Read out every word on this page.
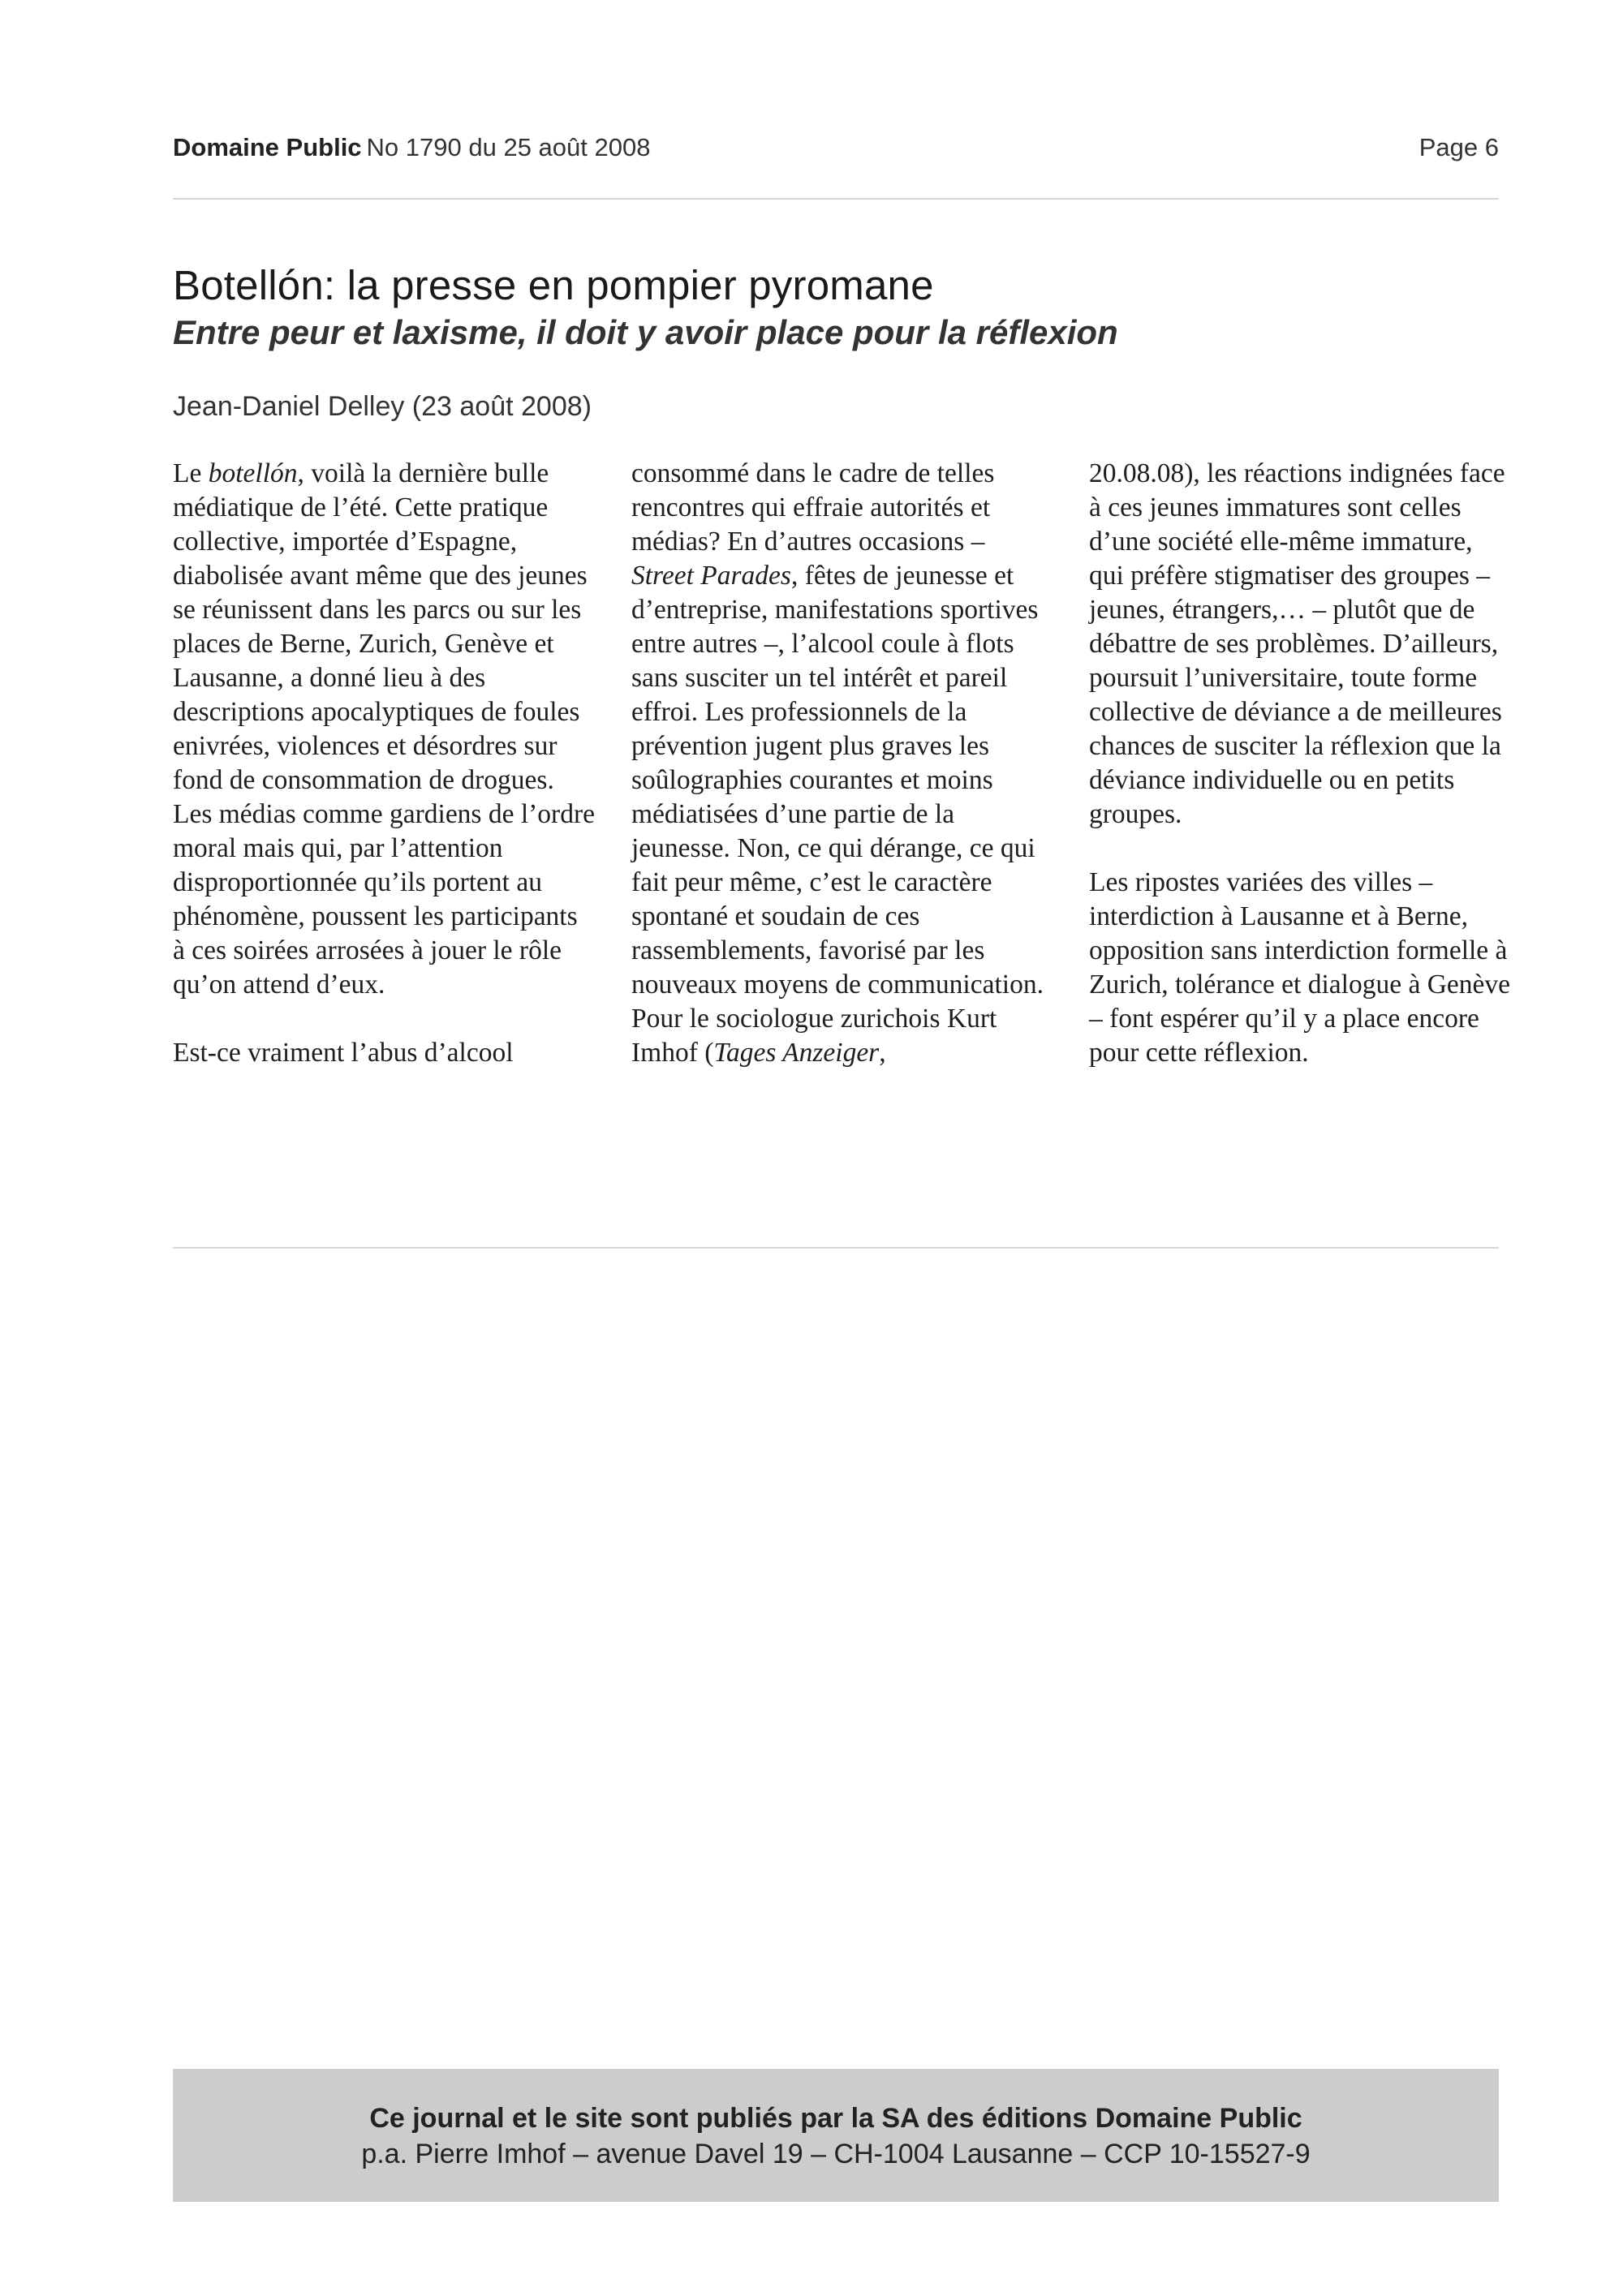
Domaine Public No 1790 du 25 août 2008	Page 6
Botellón: la presse en pompier pyromane
Entre peur et laxisme, il doit y avoir place pour la réflexion

Jean-Daniel Delley (23 août 2008)

Le botellón, voilà la dernière bulle médiatique de l’été. Cette pratique collective, importée d’Espagne, diabolisée avant même que des jeunes se réunissent dans les parcs ou sur les places de Berne, Zurich, Genève et Lausanne, a donné lieu à des descriptions apocalyptiques de foules enivrées, violences et désordres sur fond de consommation de drogues. Les médias comme gardiens de l’ordre moral mais qui, par l’attention disproportionnée qu’ils portent au phénomène, poussent les participants à ces soirées arrosées à jouer le rôle qu’on attend d’eux.

Est-ce vraiment l’abus d’alcool

consommé dans le cadre de telles rencontres qui effraie autorités et médias? En d’autres occasions – Street Parades, fêtes de jeunesse et d’entreprise, manifestations sportives entre autres –, l’alcool coule à flots sans susciter un tel intérêt et pareil effroi. Les professionnels de la prévention jugent plus graves les soûlographies courantes et moins médiatisées d’une partie de la jeunesse. Non, ce qui dérange, ce qui fait peur même, c’est le caractère spontané et soudain de ces rassemblements, favorisé par les nouveaux moyens de communication. Pour le sociologue zurichois Kurt Imhof (Tages Anzeiger,

20.08.08), les réactions indignées face à ces jeunes immatures sont celles d’une société elle-même immature, qui préfère stigmatiser des groupes – jeunes, étrangers,… – plutôt que de débattre de ses problèmes. D’ailleurs, poursuit l’universitaire, toute forme collective de déviance a de meilleures chances de susciter la réflexion que la déviance individuelle ou en petits groupes.

Les ripostes variées des villes – interdiction à Lausanne et à Berne, opposition sans interdiction formelle à Zurich, tolérance et dialogue à Genève – font espérer qu’il y a place encore pour cette réflexion.

Ce journal et le site sont publiés par la SA des éditions Domaine Public
p.a. Pierre Imhof – avenue Davel 19 – CH-1004 Lausanne – CCP 10-15527-9
